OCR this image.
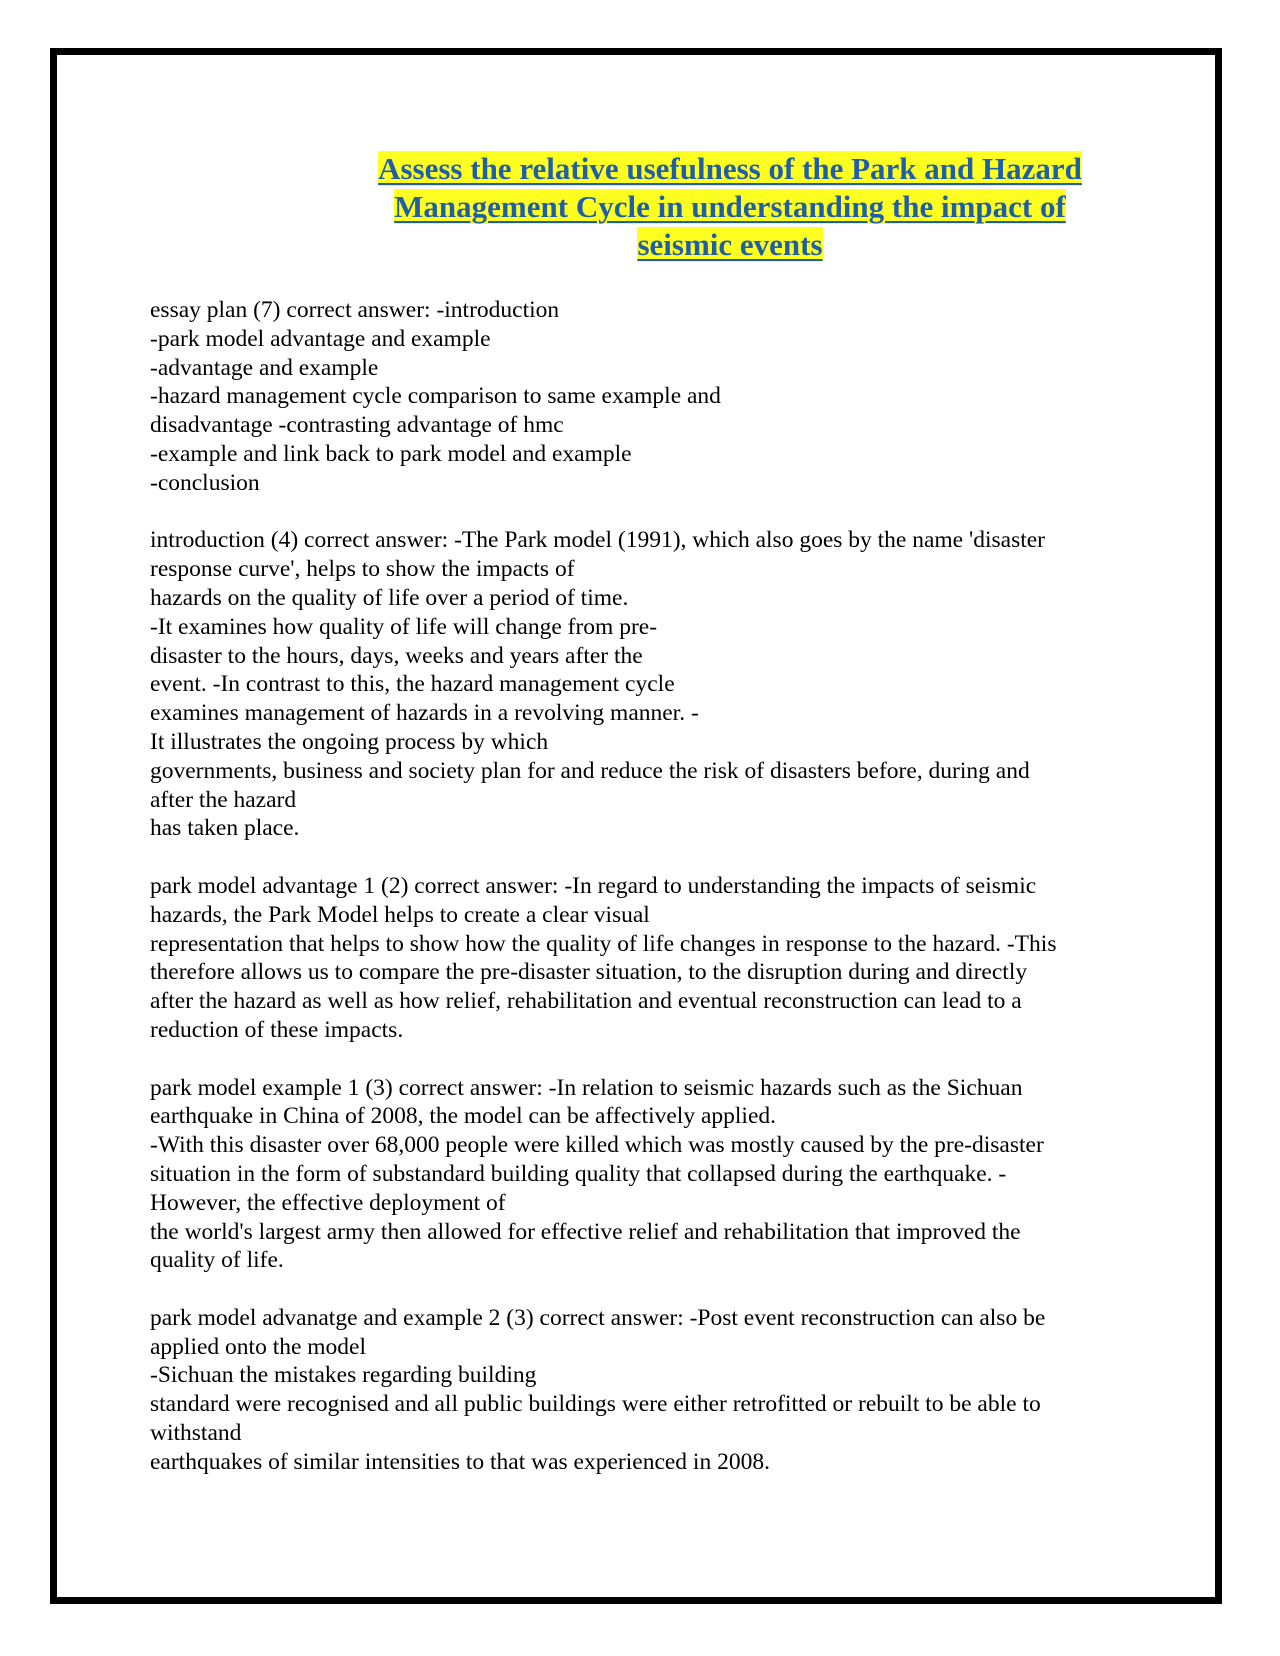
Assess the relative usefulness of the Park and Hazard
Management Cycle in understanding the impact of
seismic events
essay plan (7) correct answer: -introduction
-park model advantage and example
-advantage and example
-hazard management cycle comparison to same example and
disadvantage -contrasting advantage of hmc
-example and link back to park model and example
-conclusion
introduction (4) correct answer: -The Park model (1991), which also goes by the name 'disaster
response curve', helps to show the impacts of
hazards on the quality of life over a period of time.
-It examines how quality of life will change from pre-
disaster to the hours, days, weeks and years after the
event. -In contrast to this, the hazard management cycle
examines management of hazards in a revolving manner. -
It illustrates the ongoing process by which
governments, business and society plan for and reduce the risk of disasters before, during and
after the hazard
has taken place.
park model advantage 1 (2) correct answer: -In regard to understanding the impacts of seismic
hazards, the Park Model helps to create a clear visual
representation that helps to show how the quality of life changes in response to the hazard. -This
therefore allows us to compare the pre-disaster situation, to the disruption during and directly
after the hazard as well as how relief, rehabilitation and eventual reconstruction can lead to a
reduction of these impacts.
park model example 1 (3) correct answer: -In relation to seismic hazards such as the Sichuan
earthquake in China of 2008, the model can be affectively applied.
-With this disaster over 68,000 people were killed which was mostly caused by the pre-disaster
situation in the form of substandard building quality that collapsed during the earthquake. -
However, the effective deployment of
the world's largest army then allowed for effective relief and rehabilitation that improved the
quality of life.
park model advanatge and example 2 (3) correct answer: -Post event reconstruction can also be
applied onto the model
-Sichuan the mistakes regarding building
standard were recognised and all public buildings were either retrofitted or rebuilt to be able to
withstand
earthquakes of similar intensities to that was experienced in 2008.
